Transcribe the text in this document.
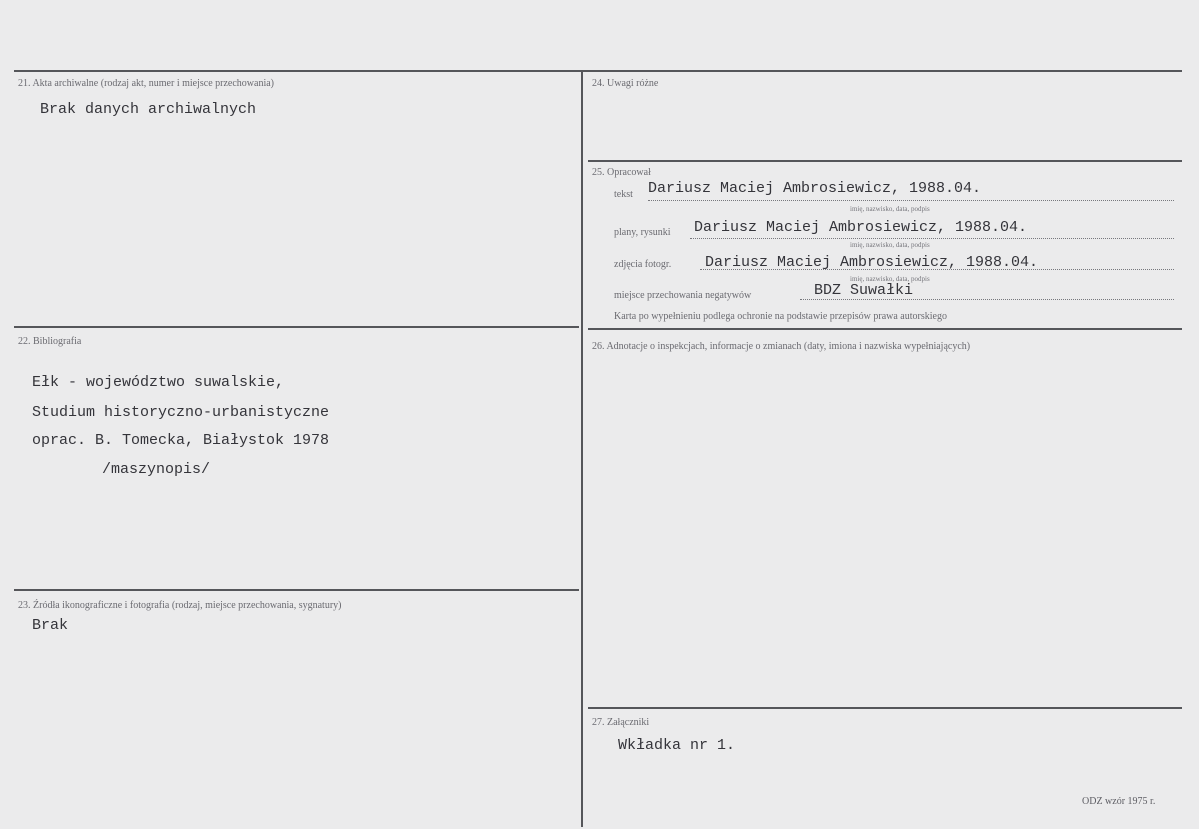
21. Akta archiwalne (rodzaj akt, numer i miejsce przechowania)
Brak danych archiwalnych
22. Bibliografia
Ełk - województwo suwalskie,
Studium historyczno-urbanistyczne
oprac. B. Tomecka, Białystok 1978
/maszynopis/
23. Źródła ikonograficzne i fotografia (rodzaj, miejsce przechowania, sygnatury)
Brak
24. Uwagi różne
25. Opracował
tekst Dariusz Maciej Ambrosiewicz, 1988.04.
imię, nazwisko, data, podpis
plany, rysunki Dariusz Maciej Ambrosiewicz, 1988.04.
imię, nazwisko, data, podpis
zdjęcia fotogr. Dariusz Maciej Ambrosiewicz, 1988.04.
imię, nazwisko, data, podpis
miejsce przechowania negatywów	BDZ Suwałki
Karta po wypełnieniu podlega ochronie na podstawie przepisów prawa autorskiego
26. Adnotacje o inspekcjach, informacje o zmianach (daty, imiona i nazwiska wypełniających)
27. Załączniki
Wkładka nr 1.
ODZ wzór 1975 r.
